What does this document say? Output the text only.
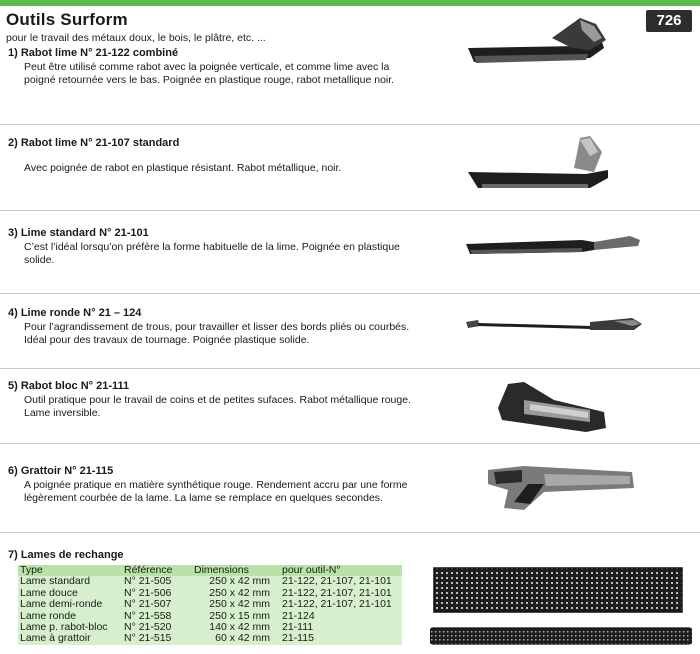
Outils Surform
pour le travail des métaux doux, le bois, le plâtre, etc. ...
726
1) Rabot lime N° 21-122 combiné

Peut être utilisé comme rabot avec la poignée verticale, et comme lime avec la poigné retournée vers le bas. Poignée en plastique rouge, rabot metallique noir.

2) Rabot lime N° 21-107 standard

Avec poignée de rabot en plastique résistant. Rabot métallique, noir.

3) Lime standard N° 21-101

C’est l’idéal lorsqu’on préfère la forme habituelle de la lime. Poignée en plastique solide.

4) Lime ronde N° 21 – 124

Pour l’agrandissement de trous, pour travailler et lisser des bords pliés ou courbés. Idéal pour des travaux de tournage. Poignée plastique solide.

5) Rabot bloc N° 21-111

Outil pratique pour le travail de coins et de petites sufaces. Rabot métallique rouge. Lame inversible.

6) Grattoir N° 21-115

A poignée pratique en matière synthétique rouge. Rendement accru par une forme légèrement courbée de la lame. La lame se remplace en quelques secondes.

7) Lames de rechange
Type	Référence	Dimensions	pour outil-N°
Lame standard	N° 21-505	250 x 42 mm	21-122, 21-107, 21-101
Lame douce	N° 21-506	250 x 42 mm	21-122, 21-107, 21-101
Lame demi-ronde	N° 21-507	250 x 42 mm	21-122, 21-107, 21-101
Lame ronde	N° 21-558	250 x 15 mm	21-124
Lame p. rabot-bloc	N° 21-520	140 x 42 mm	21-111
Lame à grattoir	N° 21-515	60 x 42 mm	21-115
